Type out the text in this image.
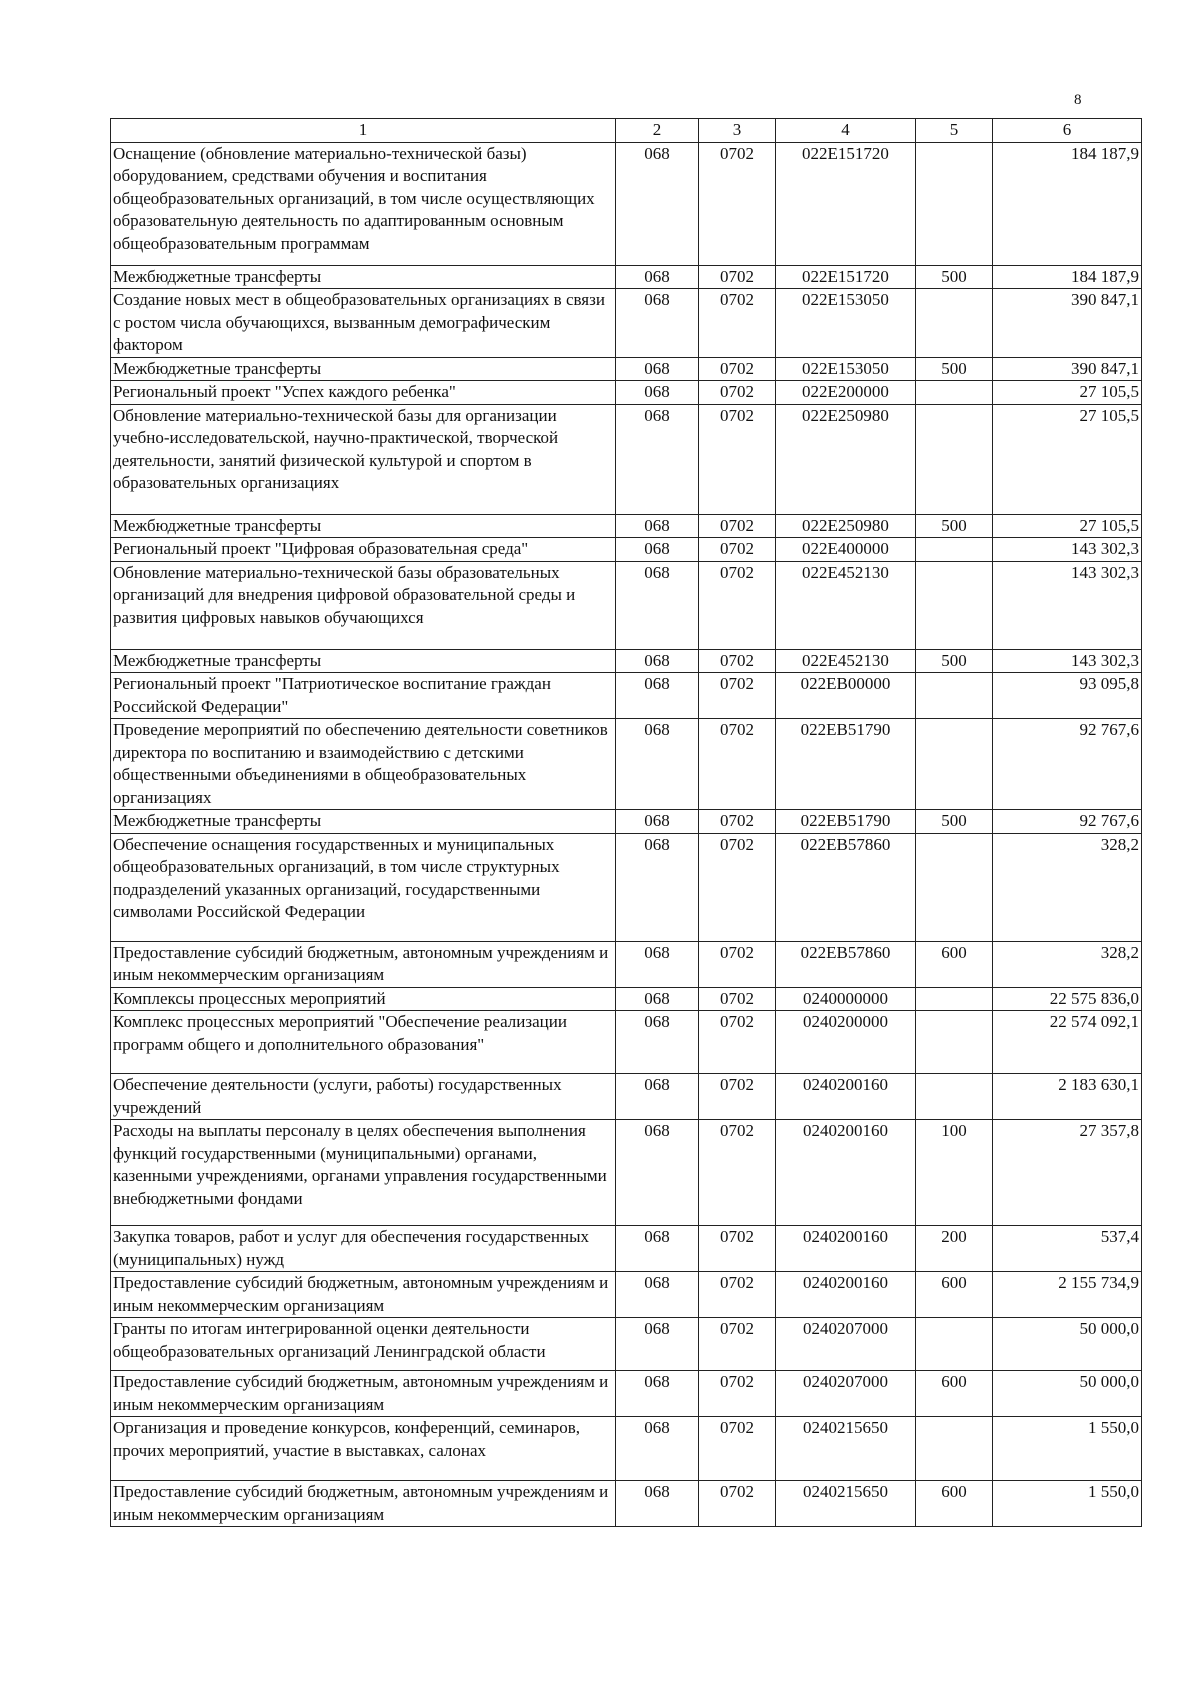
8
1	2	3	4	5	6
Оснащение (обновление материально-технической базы) оборудованием, средствами обучения и воспитания общеобразовательных организаций, в том числе осуществляющих образовательную деятельность по адаптированным основным общеобразовательным программам	068	0702	022Е151720		184 187,9
Межбюджетные трансферты	068	0702	022Е151720	500	184 187,9
Создание новых мест в общеобразовательных организациях в связи с ростом числа обучающихся, вызванным демографическим фактором	068	0702	022Е153050		390 847,1
Межбюджетные трансферты	068	0702	022Е153050	500	390 847,1
Региональный проект "Успех каждого ребенка"	068	0702	022Е200000		27 105,5
Обновление материально-технической базы для организации учебно-исследовательской, научно-практической, творческой деятельности, занятий физической культурой и спортом в образовательных организациях	068	0702	022Е250980		27 105,5
Межбюджетные трансферты	068	0702	022Е250980	500	27 105,5
Региональный проект "Цифровая образовательная среда"	068	0702	022Е400000		143 302,3
Обновление материально-технической базы образовательных организаций для внедрения цифровой образовательной среды и развития цифровых навыков обучающихся	068	0702	022Е452130		143 302,3
Межбюджетные трансферты	068	0702	022Е452130	500	143 302,3
Региональный проект "Патриотическое воспитание граждан Российской Федерации"	068	0702	022ЕВ00000		93 095,8
Проведение мероприятий по обеспечению деятельности советников директора по воспитанию и взаимодействию с детскими общественными объединениями в общеобразовательных организациях	068	0702	022ЕВ51790		92 767,6
Межбюджетные трансферты	068	0702	022ЕВ51790	500	92 767,6
Обеспечение оснащения государственных и муниципальных общеобразовательных организаций, в том числе структурных подразделений указанных организаций, государственными символами Российской Федерации	068	0702	022ЕВ57860		328,2
Предоставление субсидий бюджетным, автономным учреждениям и иным некоммерческим организациям	068	0702	022ЕВ57860	600	328,2
Комплексы процессных мероприятий	068	0702	0240000000		22 575 836,0
Комплекс процессных мероприятий "Обеспечение реализации программ общего и дополнительного образования"	068	0702	0240200000		22 574 092,1
Обеспечение деятельности (услуги, работы) государственных учреждений	068	0702	0240200160		2 183 630,1
Расходы на выплаты персоналу в целях обеспечения выполнения функций государственными (муниципальными) органами, казенными учреждениями, органами управления государственными внебюджетными фондами	068	0702	0240200160	100	27 357,8
Закупка товаров, работ и услуг для обеспечения государственных (муниципальных) нужд	068	0702	0240200160	200	537,4
Предоставление субсидий бюджетным, автономным учреждениям и иным некоммерческим организациям	068	0702	0240200160	600	2 155 734,9
Гранты по итогам интегрированной оценки деятельности общеобразовательных организаций Ленинградской области	068	0702	0240207000		50 000,0
Предоставление субсидий бюджетным, автономным учреждениям и иным некоммерческим организациям	068	0702	0240207000	600	50 000,0
Организация и проведение конкурсов, конференций, семинаров, прочих мероприятий, участие в выставках, салонах	068	0702	0240215650		1 550,0
Предоставление субсидий бюджетным, автономным учреждениям и иным некоммерческим организациям	068	0702	0240215650	600	1 550,0
